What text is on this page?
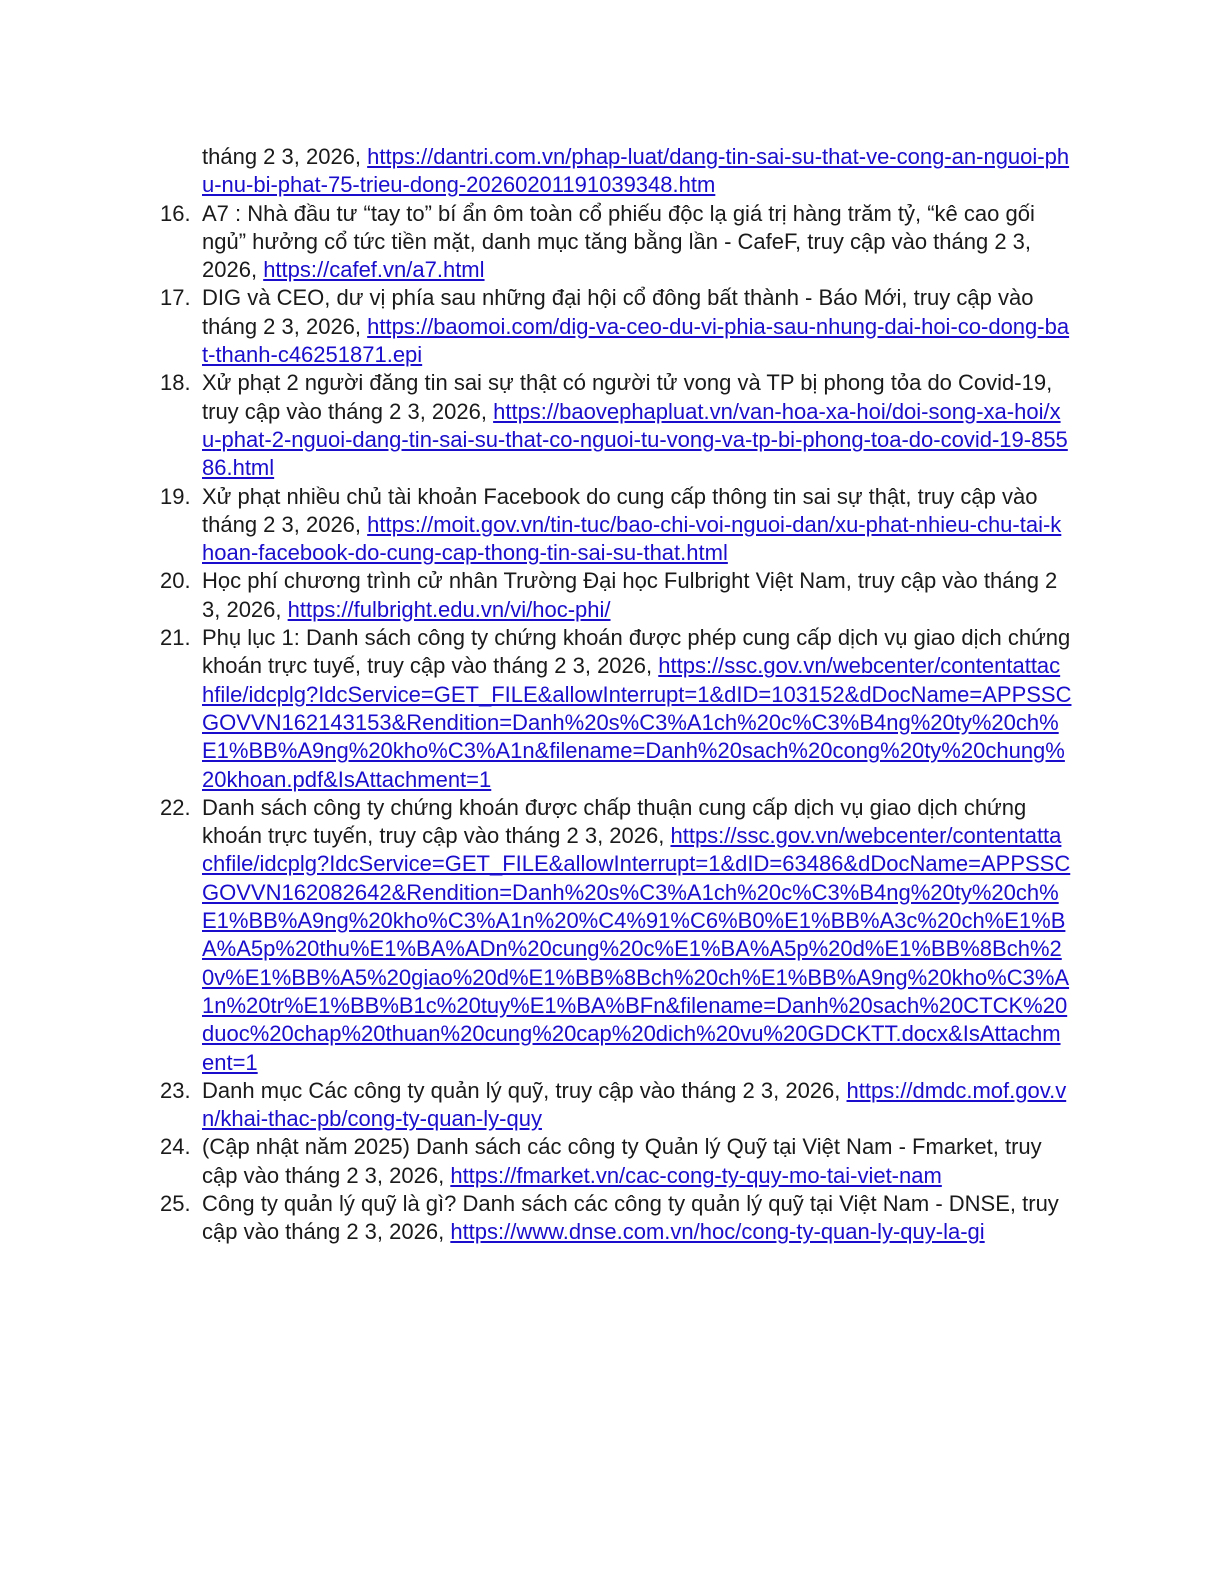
tháng 2 3, 2026, https://dantri.com.vn/phap-luat/dang-tin-sai-su-that-ve-cong-an-nguoi-phu-nu-bi-phat-75-trieu-dong-20260201191039348.htm
16. A7 : Nhà đầu tư “tay to” bí ẩn ôm toàn cổ phiếu độc lạ giá trị hàng trăm tỷ, “kê cao gối ngủ” hưởng cổ tức tiền mặt, danh mục tăng bằng lần - CafeF, truy cập vào tháng 2 3, 2026, https://cafef.vn/a7.html
17. DIG và CEO, dư vị phía sau những đại hội cổ đông bất thành - Báo Mới, truy cập vào tháng 2 3, 2026, https://baomoi.com/dig-va-ceo-du-vi-phia-sau-nhung-dai-hoi-co-dong-bat-thanh-c46251871.epi
18. Xử phạt 2 người đăng tin sai sự thật có người tử vong và TP bị phong tỏa do Covid-19, truy cập vào tháng 2 3, 2026, https://baovephapluat.vn/van-hoa-xa-hoi/doi-song-xa-hoi/xu-phat-2-nguoi-dang-tin-sai-su-that-co-nguoi-tu-vong-va-tp-bi-phong-toa-do-covid-19-85586.html
19. Xử phạt nhiều chủ tài khoản Facebook do cung cấp thông tin sai sự thật, truy cập vào tháng 2 3, 2026, https://moit.gov.vn/tin-tuc/bao-chi-voi-nguoi-dan/xu-phat-nhieu-chu-tai-khoan-facebook-do-cung-cap-thong-tin-sai-su-that.html
20. Học phí chương trình cử nhân Trường Đại học Fulbright Việt Nam, truy cập vào tháng 2 3, 2026, https://fulbright.edu.vn/vi/hoc-phi/
21. Phụ lục 1: Danh sách công ty chứng khoán được phép cung cấp dịch vụ giao dịch chứng khoán trực tuyế, truy cập vào tháng 2 3, 2026, https://ssc.gov.vn/webcenter/contentattachfile/idcplg?IdcService=GET_FILE&allowInterrupt=1&dID=103152&dDocName=APPSSCGOVVN162143153&Rendition=Danh%20s%C3%A1ch%20c%C3%B4ng%20ty%20ch%E1%BB%A9ng%20kho%C3%A1n&filename=Danh%20sach%20cong%20ty%20chung%20khoan.pdf&IsAttachment=1
22. Danh sách công ty chứng khoán được chấp thuận cung cấp dịch vụ giao dịch chứng khoán trực tuyến, truy cập vào tháng 2 3, 2026, https://ssc.gov.vn/webcenter/contentattachfile/idcplg?IdcService=GET_FILE&allowInterrupt=1&dID=63486&dDocName=APPSSCGOVVN162082642&Rendition=Danh%20s%C3%A1ch%20c%C3%B4ng%20ty%20ch%E1%BB%A9ng%20kho%C3%A1n%20%C4%91%C6%B0%E1%BB%A3c%20ch%E1%BA%A5p%20thu%E1%BA%ADn%20cung%20c%E1%BA%A5p%20d%E1%BB%8Bch%20v%E1%BB%A5%20giao%20d%E1%BB%8Bch%20ch%E1%BB%A9ng%20kho%C3%A1n%20tr%E1%BB%B1c%20tuy%E1%BA%BFn&filename=Danh%20sach%20CTCK%20duoc%20chap%20thuan%20cung%20cap%20dich%20vu%20GDCKTT.docx&IsAttachment=1
23. Danh mục Các công ty quản lý quỹ, truy cập vào tháng 2 3, 2026, https://dmdc.mof.gov.vn/khai-thac-pb/cong-ty-quan-ly-quy
24. (Cập nhật năm 2025) Danh sách các công ty Quản lý Quỹ tại Việt Nam - Fmarket, truy cập vào tháng 2 3, 2026, https://fmarket.vn/cac-cong-ty-quy-mo-tai-viet-nam
25. Công ty quản lý quỹ là gì? Danh sách các công ty quản lý quỹ tại Việt Nam - DNSE, truy cập vào tháng 2 3, 2026, https://www.dnse.com.vn/hoc/cong-ty-quan-ly-quy-la-gi
